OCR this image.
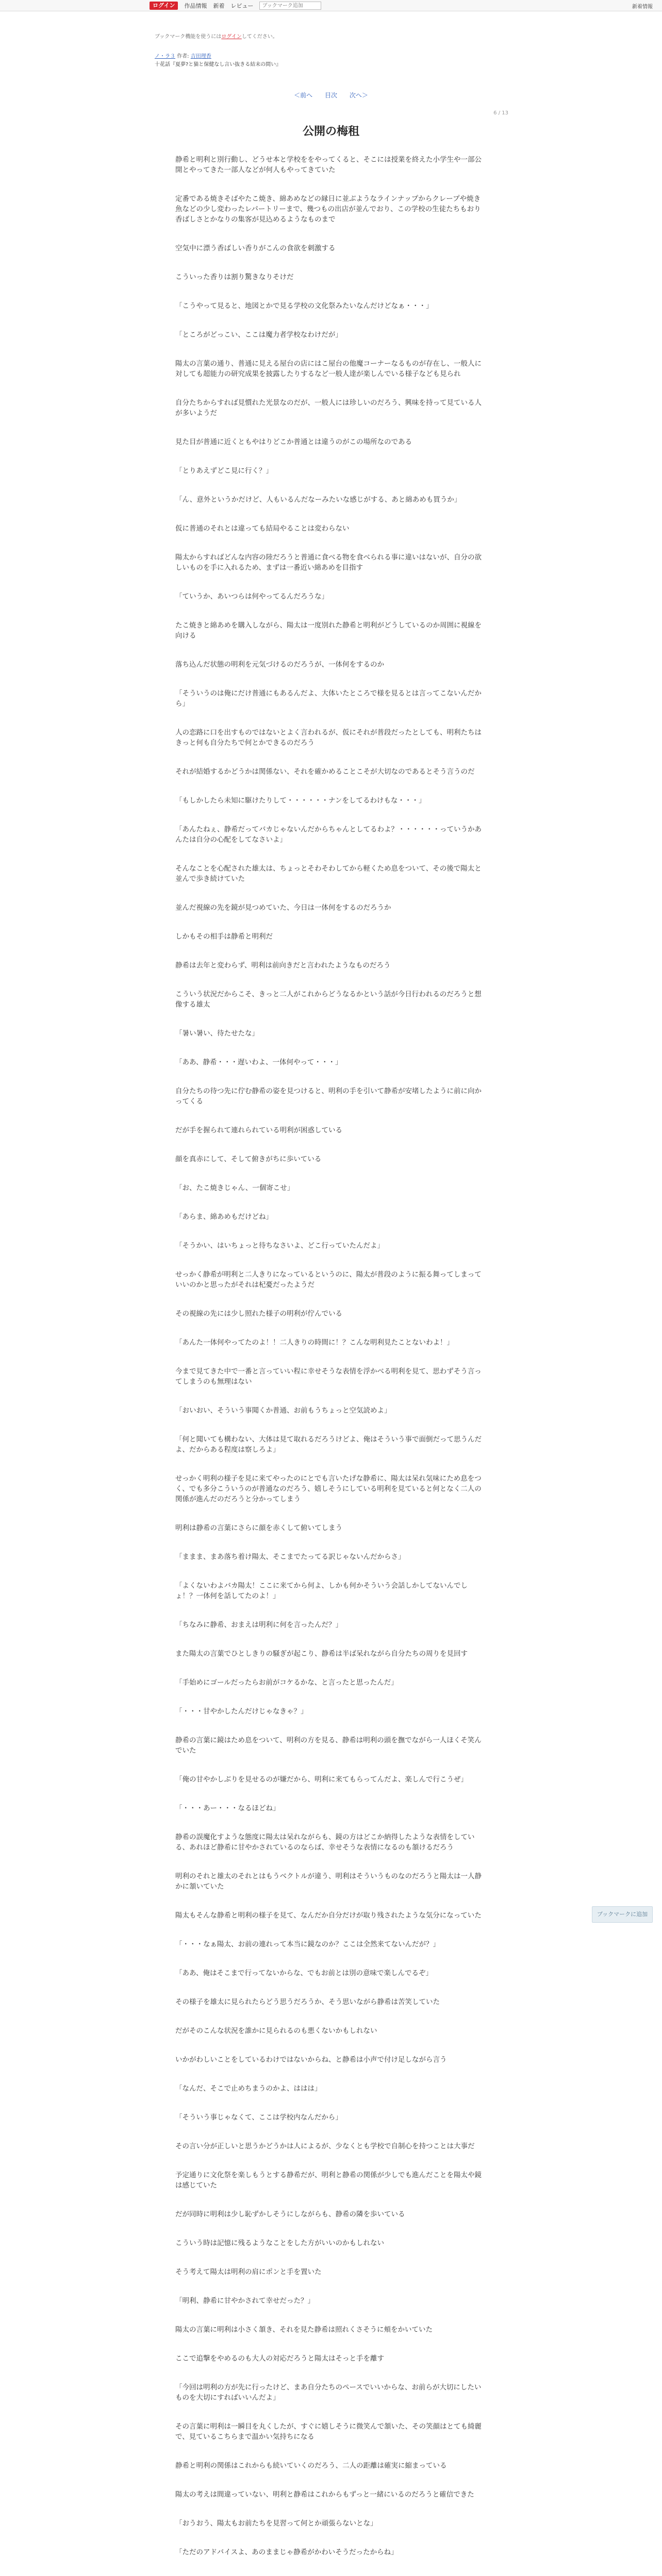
ログイン	作品情報 新着 レビュー
ブックマーク追加	新着情報
ブックマーク機能を使うにはログインしてください。
ノ・ラ３ 作者: 吉田理香
十花話『夏夢?と猫と保健なし言い抜きる結末の間い』
＜前へ 目次 次へ＞
6 / 13
公開の梅租

静希と明利と別行動し、どうせ本と学校ををやってくると、そこには授業を終えた小学生や一部公開とやってきた一部人などが何人もやってきていた

定番である焼きそばやたこ焼き、綿あめなどの縁日に並ぶようなラインナップからクレープや焼き魚などの少し変わったレパートリーまで、幾つもの出店が並んでおり、この学校の生徒たちもおり香ばしさとかなりの集客が見込めるようなものまで

空気中に漂う香ばしい香りがこんの食欲を刺激する

こういった香りは割り驚きなりそけだ

「こうやって見ると、地図とかで見る学校の文化祭みたいなんだけどなぁ・・・」

「ところがどっこい、ここは魔力者学校なわけだが」

陽太の言葉の通り、普通に見える屋台の店にはこ屋台の他魔コーナーなるものが存在し、一般人に対しても超能力の研究成果を披露したりするなど一般人達が楽しんでいる様子なども見られ

自分たちからすれば見慣れた光景なのだが、一般人には珍しいのだろう、興味を持って見ている人が多いようだ

見た目が普通に近くともやはりどこか普通とは違うのがこの場所なのである

「とりあえずどこ見に行く？」

「ん、意外というかだけど、人もいるんだなーみたいな感じがする、あと綿あめも買うか」

仮に普通のそれとは違っても結局やることは変わらない

陽太からすればどんな内容の陸だろうと普通に食べる物を食べられる事に違いはないが、自分の欲しいものを手に入れるため、まずは一番近い綿あめを目指す

「ていうか、あいつらは何やってるんだろうな」

たこ焼きと綿あめを購入しながら、陽太は一度別れた静希と明利がどうしているのか周囲に視線を向ける

落ち込んだ状態の明利を元気づけるのだろうが、一体何をするのか

「そういうのは俺にだけ普通にもあるんだよ、大体いたところで様を見るとは言ってこないんだから」

人の恋路に口を出すものではないとよく言われるが、仮にそれが普段だったとしても、明利たちはきっと何も自分たちで何とかできるのだろう

それが結婚するかどうかは関係ない、それを確かめることこそが大切なのであるとそう言うのだ

「もしかしたら未知に駆けたりして・・・・・・ナンをしてるわけもな・・・」

「あんたねぇ、静希だってバカじゃないんだからちゃんとしてるわよ？・・・・・・っていうかあんたは自分の心配をしてなさいよ」

そんなことを心配された雄太は、ちょっとそわそわしてから軽くため息をついて、その後で陽太と並んで歩き続けていた

並んだ視線の先を鏡が見つめていた、今日は一体何をするのだろうか

しかもその相手は静希と明利だ

静希は去年と変わらず、明利は前向きだと言われたようなものだろう

こういう状況だからこそ、きっと二人がこれからどうなるかという話が今日行われるのだろうと想像する雄太

「暑い暑い、待たせたな」

「ああ、静希・・・遅いわよ、一体何やって・・・」

自分たちの待つ先に佇む静希の姿を見つけると、明利の手を引いて静希が安堵したように前に向かってくる

だが手を握られて連れられている明利が困惑している

顔を真赤にして、そして俯きがちに歩いている

「お、たこ焼きじゃん、一個寄こせ」

「あらま、綿あめもだけどね」

「そうかい、はいちょっと待ちなさいよ、どこ行っていたんだよ」

せっかく静希が明利と二人きりになっているというのに、陽太が普段のように振る舞ってしまっていいのかと思ったがそれは杞憂だったようだ

その視線の先には少し照れた様子の明利が佇んでいる

「あんた一体何やってたのよ！！二人きりの時間に！？こんな明利見たことないわよ！」

今まで見てきた中で一番と言っていい程に幸せそうな表情を浮かべる明利を見て、思わずそう言ってしまうのも無理はない

「おいおい、そういう事聞くか普通、お前もうちょっと空気読めよ」

「何と聞いても構わない、大体は見て取れるだろうけどよ、俺はそういう事で面倒だって思うんだよ、だからある程度は察しろよ」

せっかく明利の様子を見に来てやったのにとでも言いたげな静希に、陽太は呆れ気味にため息をつく、でも多分こういうのが普通なのだろう、嬉しそうにしている明利を見ていると何となく二人の関係が進んだのだろうと分かってしまう

明利は静希の言葉にさらに顔を赤くして俯いてしまう

「ままま、まあ落ち着け陽太、そこまでたってる訳じゃないんだからさ」

「よくないわよバカ陽太！ここに来てから何よ、しかも何かそういう会話しかしてないんでしょ！？一体何を話してたのよ！」

「ちなみに静希、おまえは明利に何を言ったんだ？」

また陽太の言葉でひとしきりの騒ぎが起こり、静希は半ば呆れながら自分たちの周りを見回す

「手始めにゴールだったらお前がコケるかな、と言ったと思ったんだ」

「・・・甘やかしたんだけじゃなきゃ？」

静希の言葉に鏡はため息をついて、明利の方を見る、静希は明利の頭を撫でながら一人ほくそ笑んでいた

「俺の甘やかしぶりを見せるのが嫌だから、明利に来てもらってんだよ、楽しんで行こうぜ」

「・・・あー・・・なるほどね」

静希の誤魔化すような態度に陽太は呆れながらも、鏡の方はどこか納得したような表情をしている、あれほど静希に甘やかされているのならば、幸せそうな表情になるのも頷けるだろう

明利のそれと雄太のそれとはもうベクトルが違う、明利はそういうものなのだろうと陽太は一人静かに頷いていた

陽太もそんな静希と明利の様子を見て、なんだか自分だけが取り残されたような気分になっていた

「・・・なぁ陽太、お前の連れって本当に鏡なのか？ここは全然来てないんだが？」

「ああ、俺はそこまで行ってないからな、でもお前とは別の意味で楽しんでるぞ」

その様子を雄太に見られたらどう思うだろうか、そう思いながら静希は苦笑していた

だがそのこんな状況を誰かに見られるのも悪くないかもしれない

いかがわしいことをしているわけではないからね、と静希は小声で付け足しながら言う

「なんだ、そこで止めちまうのかよ、ははは」

「そういう事じゃなくて、ここは学校内なんだから」

その言い分が正しいと思うかどうかは人によるが、少なくとも学校で自制心を持つことは大事だ

予定通りに文化祭を楽しもうとする静希だが、明利と静希の関係が少しでも進んだことを陽太や鏡は感じていた

だが同時に明利は少し恥ずかしそうにしながらも、静希の隣を歩いている

こういう時は記憶に残るようなことをした方がいいのかもしれない

そう考えて陽太は明利の肩にポンと手を置いた

「明利、静希に甘やかされて幸せだった？」

陽太の言葉に明利は小さく頷き、それを見た静希は照れくさそうに頬をかいていた

ここで追撃をやめるのも大人の対応だろうと陽太はそっと手を離す

「今回は明利の方が先に行ったけど、まあ自分たちのペースでいいからな、お前らが大切にしたいものを大切にすればいいんだよ」

その言葉に明利は一瞬目を丸くしたが、すぐに嬉しそうに微笑んで頷いた、その笑顔はとても綺麗で、見ているこちらまで温かい気持ちになる

静希と明利の関係はこれからも続いていくのだろう、二人の距離は確実に縮まっている

陽太の考えは間違っていない、明利と静希はこれからもずっと一緒にいるのだろうと確信できた

「おうおう、陽太もお前たちを見習って何とか頑張らないとな」

「ただのアドバイスよ、あのままじゃ静希がかわいそうだったからね」

ブックマークに追加
